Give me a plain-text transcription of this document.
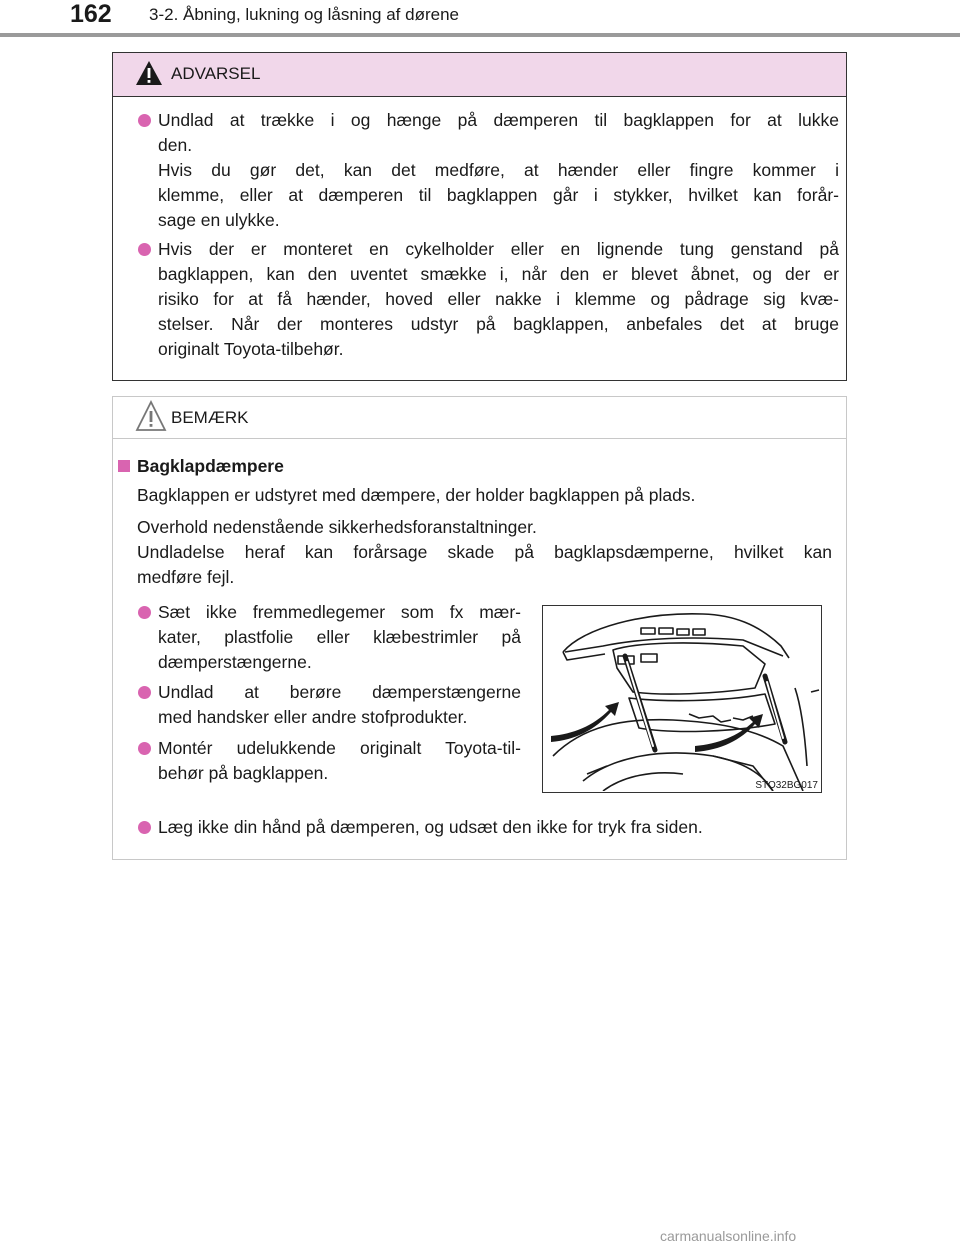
162 3-2. Åbning, lukning og låsning af dørene
ADVARSEL
Undlad at trække i og hænge på dæmperen til bagklappen for at lukke
den.
Hvis du gør det, kan det medføre, at hænder eller fingre kommer i
klemme, eller at dæmperen til bagklappen går i stykker, hvilket kan forår-
sage en ulykke.
Hvis der er monteret en cykelholder eller en lignende tung genstand på
bagklappen, kan den uventet smække i, når den er blevet åbnet, og der er
risiko for at få hænder, hoved eller nakke i klemme og pådrage sig kvæ-
stelser. Når der monteres udstyr på bagklappen, anbefales det at bruge
originalt Toyota-tilbehør.
BEMÆRK
Bagklapdæmpere
Bagklappen er udstyret med dæmpere, der holder bagklappen på plads.
Overhold nedenstående sikkerhedsforanstaltninger.
Undladelse heraf kan forårsage skade på bagklapsdæmperne, hvilket kan
medføre fejl.
Sæt ikke fremmedlegemer som fx mær-
kater, plastfolie eller klæbestrimler på
dæmperstængerne.
Undlad at berøre dæmperstængerne
med handsker eller andre stofprodukter.
Montér udelukkende originalt Toyota-til-
behør på bagklappen.
STO32BG017
Læg ikke din hånd på dæmperen, og udsæt den ikke for tryk fra siden.
carmanualsonline.info
